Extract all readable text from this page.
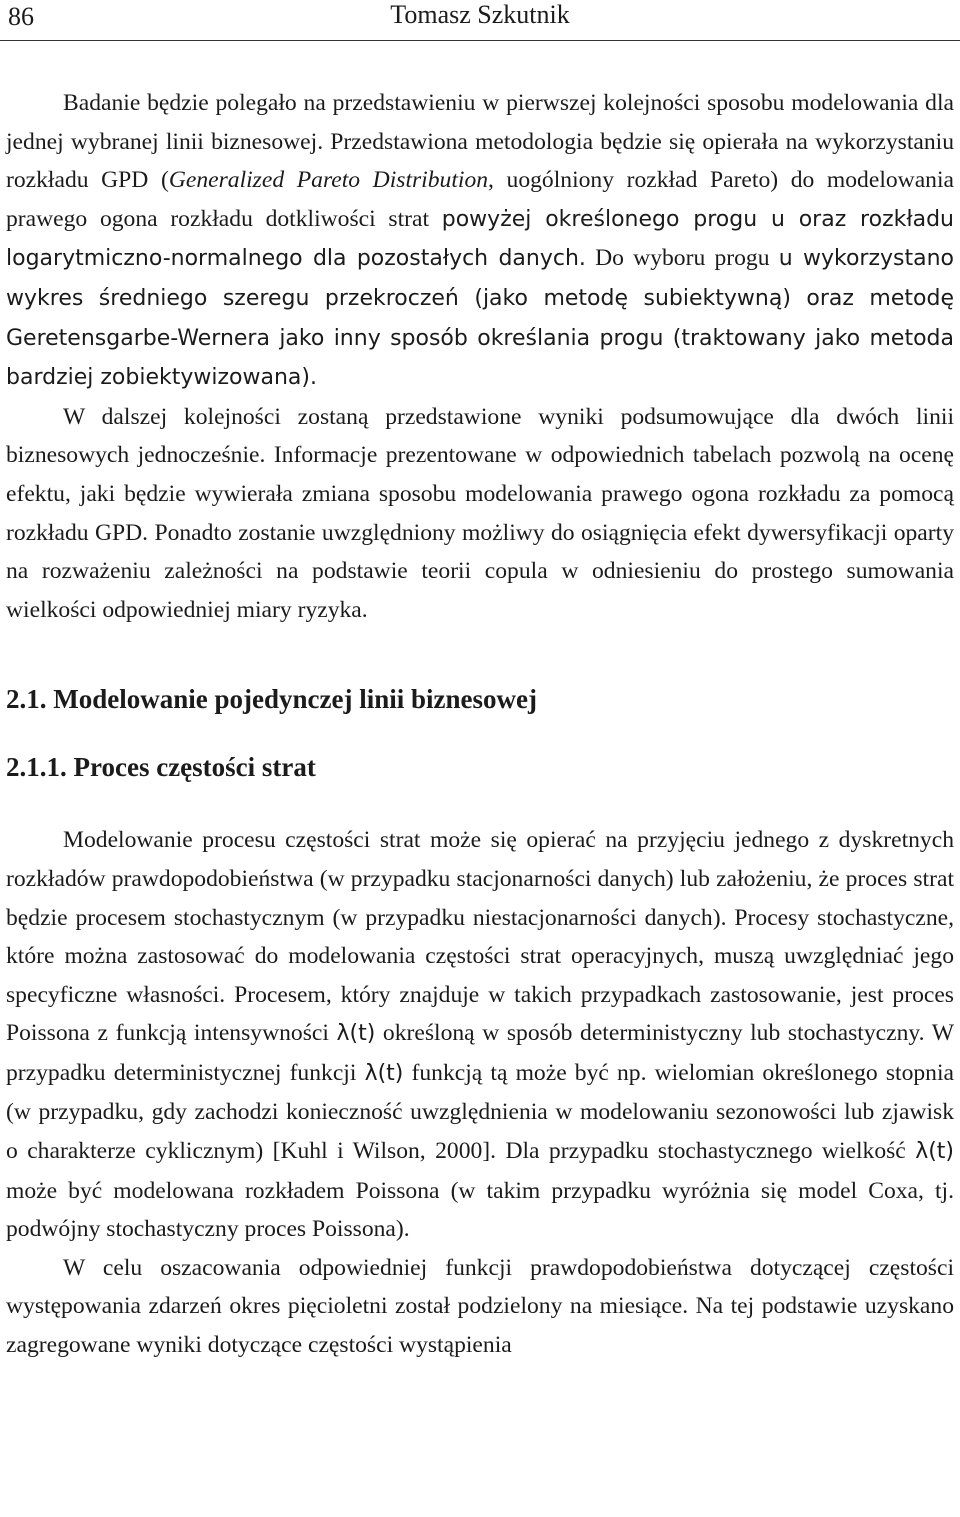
86	Tomasz Szkutnik

Badanie będzie polegało na przedstawieniu w pierwszej kolejności sposobu modelowania dla jednej wybranej linii biznesowej. Przedstawiona metodologia będzie się opierała na wykorzystaniu rozkładu GPD (Generalized Pareto Distribution, uogólniony rozkład Pareto) do modelowania prawego ogona rozkładu dotkliwości strat powyżej określonego progu u oraz rozkładu logarytmiczno-normalnego dla pozostałych danych. Do wyboru progu u wykorzystano wykres średniego szeregu przekroczeń (jako metodę subiektywną) oraz metodę Geretensgarbe-Wernera jako inny sposób określania progu (traktowany jako metoda bardziej zobiektywizowana).

W dalszej kolejności zostaną przedstawione wyniki podsumowujące dla dwóch linii biznesowych jednocześnie. Informacje prezentowane w odpowiednich tabelach pozwolą na ocenę efektu, jaki będzie wywierała zmiana sposobu modelowania prawego ogona rozkładu za pomocą rozkładu GPD. Ponadto zostanie uwzględniony możliwy do osiągnięcia efekt dywersyfikacji oparty na rozważeniu zależności na podstawie teorii copula w odniesieniu do prostego sumowania wielkości odpowiedniej miary ryzyka.

2.1. Modelowanie pojedynczej linii biznesowej
2.1.1. Proces częstości strat

Modelowanie procesu częstości strat może się opierać na przyjęciu jednego z dyskretnych rozkładów prawdopodobieństwa (w przypadku stacjonarności danych) lub założeniu, że proces strat będzie procesem stochastycznym (w przypadku niestacjonarności danych). Procesy stochastyczne, które można zastosować do modelowania częstości strat operacyjnych, muszą uwzględniać jego specyficzne własności. Procesem, który znajduje w takich przypadkach zastosowanie, jest proces Poissona z funkcją intensywności λ(t) określoną w sposób deterministyczny lub stochastyczny. W przypadku deterministycznej funkcji λ(t) funkcją tą może być np. wielomian określonego stopnia (w przypadku, gdy zachodzi konieczność uwzględnienia w modelowaniu sezonowości lub zjawisk o charakterze cyklicznym) [Kuhl i Wilson, 2000]. Dla przypadku stochastycznego wielkość λ(t) może być modelowana rozkładem Poissona (w takim przypadku wyróżnia się model Coxa, tj. podwójny stochastyczny proces Poissona).

W celu oszacowania odpowiedniej funkcji prawdopodobieństwa dotyczącej częstości występowania zdarzeń okres pięcioletni został podzielony na miesiące. Na tej podstawie uzyskano zagregowane wyniki dotyczące częstości wystąpienia
